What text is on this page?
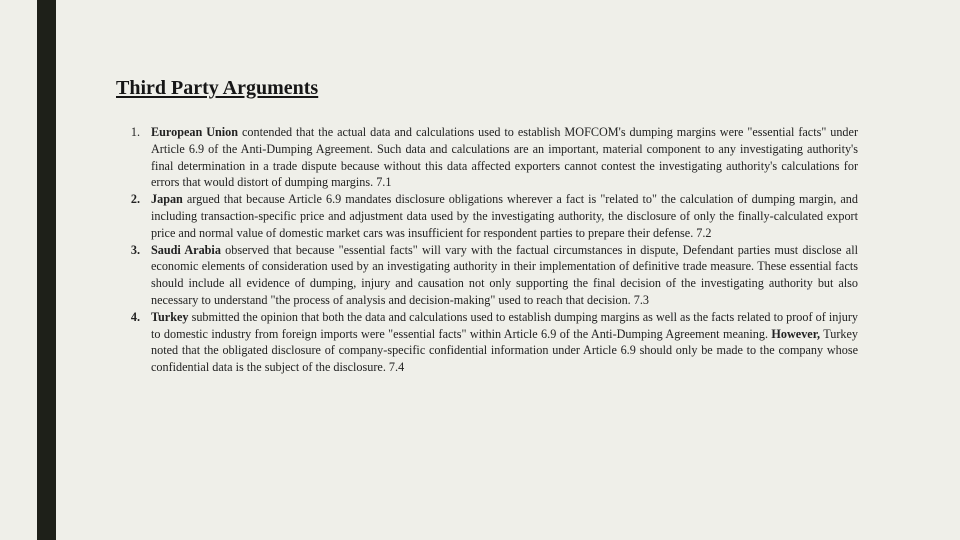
Third Party Arguments
1. European Union contended that the actual data and calculations used to establish MOFCOM's dumping margins were "essential facts" under Article 6.9 of the Anti-Dumping Agreement. Such data and calculations are an important, material component to any investigating authority's final determination in a trade dispute because without this data affected exporters cannot contest the investigating authority's calculations for errors that would distort of dumping margins. 7.1
2. Japan argued that because Article 6.9 mandates disclosure obligations wherever a fact is "related to" the calculation of dumping margin, and including transaction-specific price and adjustment data used by the investigating authority, the disclosure of only the finally-calculated export price and normal value of domestic market cars was insufficient for respondent parties to prepare their defense. 7.2
3. Saudi Arabia observed that because "essential facts" will vary with the factual circumstances in dispute, Defendant parties must disclose all economic elements of consideration used by an investigating authority in their implementation of definitive trade measure. These essential facts should include all evidence of dumping, injury and causation not only supporting the final decision of the investigating authority but also necessary to understand "the process of analysis and decision-making" used to reach that decision. 7.3
4. Turkey submitted the opinion that both the data and calculations used to establish dumping margins as well as the facts related to proof of injury to domestic industry from foreign imports were "essential facts" within Article 6.9 of the Anti-Dumping Agreement meaning. However, Turkey noted that the obligated disclosure of company-specific confidential information under Article 6.9 should only be made to the company whose confidential data is the subject of the disclosure. 7.4
